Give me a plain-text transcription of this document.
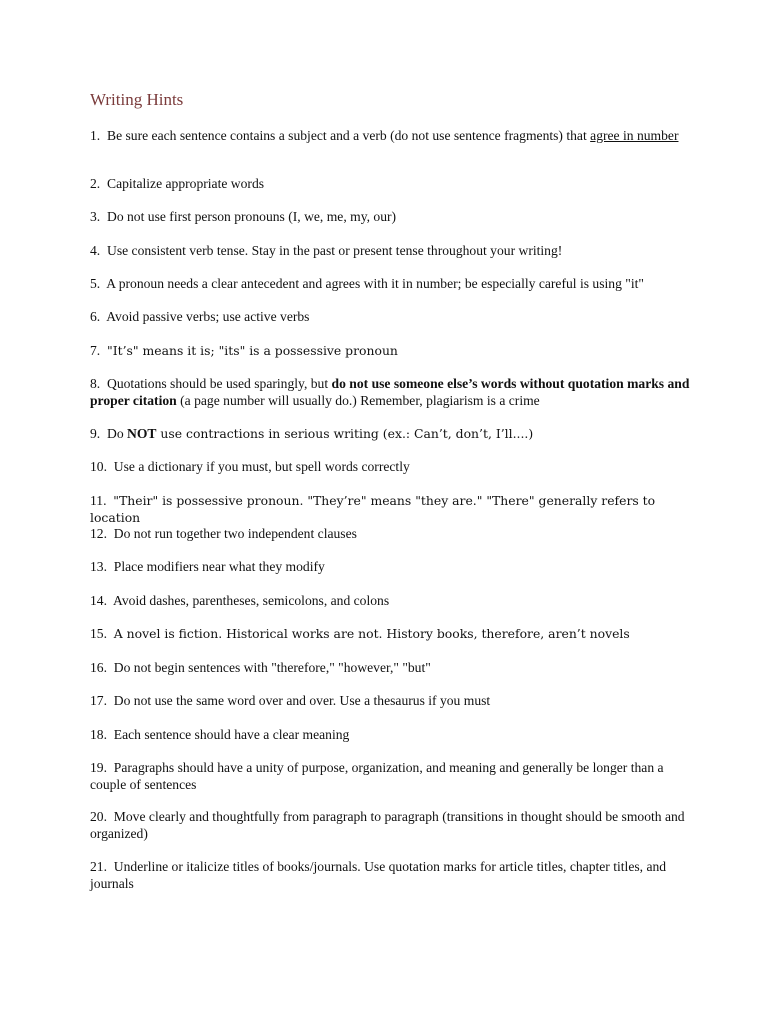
Writing Hints

1. Be sure each sentence contains a subject and a verb (do not use sentence fragments) that agree in number

2. Capitalize appropriate words

3. Do not use first person pronouns (I, we, me, my, our)

4. Use consistent verb tense. Stay in the past or present tense throughout your writing!

5. A pronoun needs a clear antecedent and agrees with it in number; be especially careful is using "it"

6. Avoid passive verbs; use active verbs

7. "It’s" means it is; "its" is a possessive pronoun

8. Quotations should be used sparingly, but do not use someone else’s words without quotation marks and proper citation (a page number will usually do.) Remember, plagiarism is a crime

9. Do NOT use contractions in serious writing (ex.: Can’t, don’t, I’ll....)

10. Use a dictionary if you must, but spell words correctly

11. "Their" is possessive pronoun. "They’re" means "they are." "There" generally refers to location

12. Do not run together two independent clauses

13. Place modifiers near what they modify

14. Avoid dashes, parentheses, semicolons, and colons

15. A novel is fiction. Historical works are not. History books, therefore, aren’t novels

16. Do not begin sentences with "therefore," "however," "but"

17. Do not use the same word over and over. Use a thesaurus if you must

18. Each sentence should have a clear meaning

19. Paragraphs should have a unity of purpose, organization, and meaning and generally be longer than a couple of sentences

20. Move clearly and thoughtfully from paragraph to paragraph (transitions in thought should be smooth and organized)

21. Underline or italicize titles of books/journals. Use quotation marks for article titles, chapter titles, and journals
